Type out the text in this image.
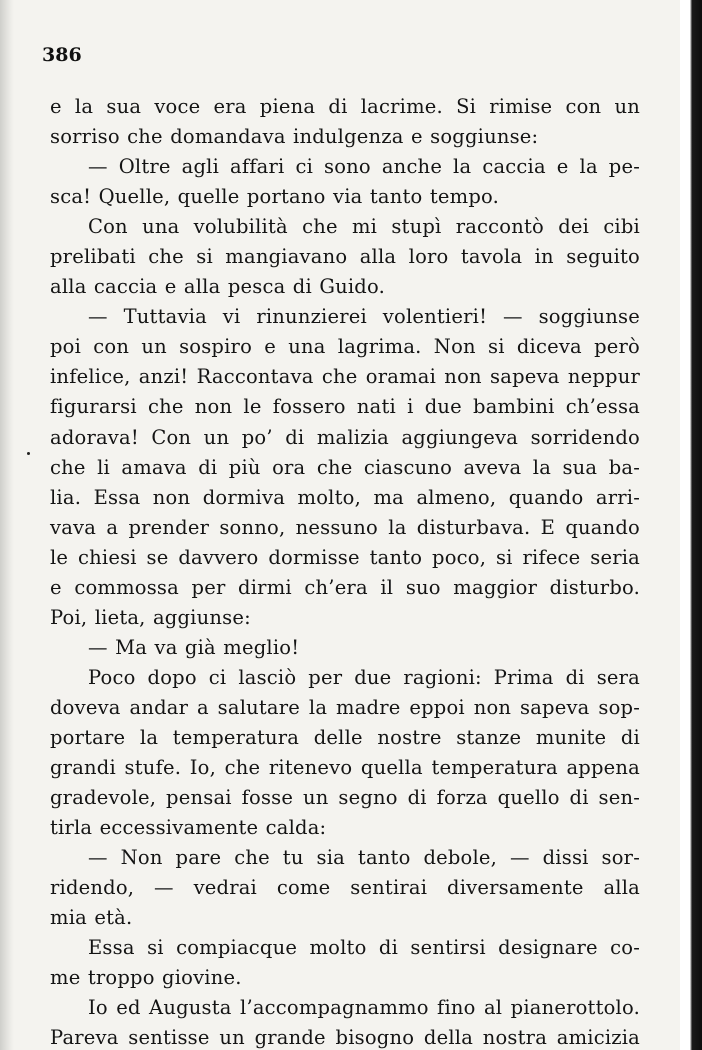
386

e la sua voce era piena di lacrime. Si rimise con un
sorriso che domandava indulgenza e soggiunse:
— Oltre agli affari ci sono anche la caccia e la pe-
sca! Quelle, quelle portano via tanto tempo.
Con una volubilità che mi stupì raccontò dei cibi
prelibati che si mangiavano alla loro tavola in seguito
alla caccia e alla pesca di Guido.
— Tuttavia vi rinunzierei volentieri! — soggiunse
poi con un sospiro e una lagrima. Non si diceva però
infelice, anzi! Raccontava che oramai non sapeva neppur
figurarsi che non le fossero nati i due bambini ch’essa
adorava! Con un po’ di malizia aggiungeva sorridendo
che li amava di più ora che ciascuno aveva la sua ba-
lia. Essa non dormiva molto, ma almeno, quando arri-
vava a prender sonno, nessuno la disturbava. E quando
le chiesi se davvero dormisse tanto poco, si rifece seria
e commossa per dirmi ch’era il suo maggior disturbo.
Poi, lieta, aggiunse:
— Ma va già meglio!
Poco dopo ci lasciò per due ragioni: Prima di sera
doveva andar a salutare la madre eppoi non sapeva sop-
portare la temperatura delle nostre stanze munite di
grandi stufe. Io, che ritenevo quella temperatura appena
gradevole, pensai fosse un segno di forza quello di sen-
tirla eccessivamente calda:
— Non pare che tu sia tanto debole, — dissi sor-
ridendo, — vedrai come sentirai diversamente alla
mia età.
Essa si compiacque molto di sentirsi designare co-
me troppo giovine.
Io ed Augusta l’accompagnammo fino al pianerottolo.
Pareva sentisse un grande bisogno della nostra amicizia
